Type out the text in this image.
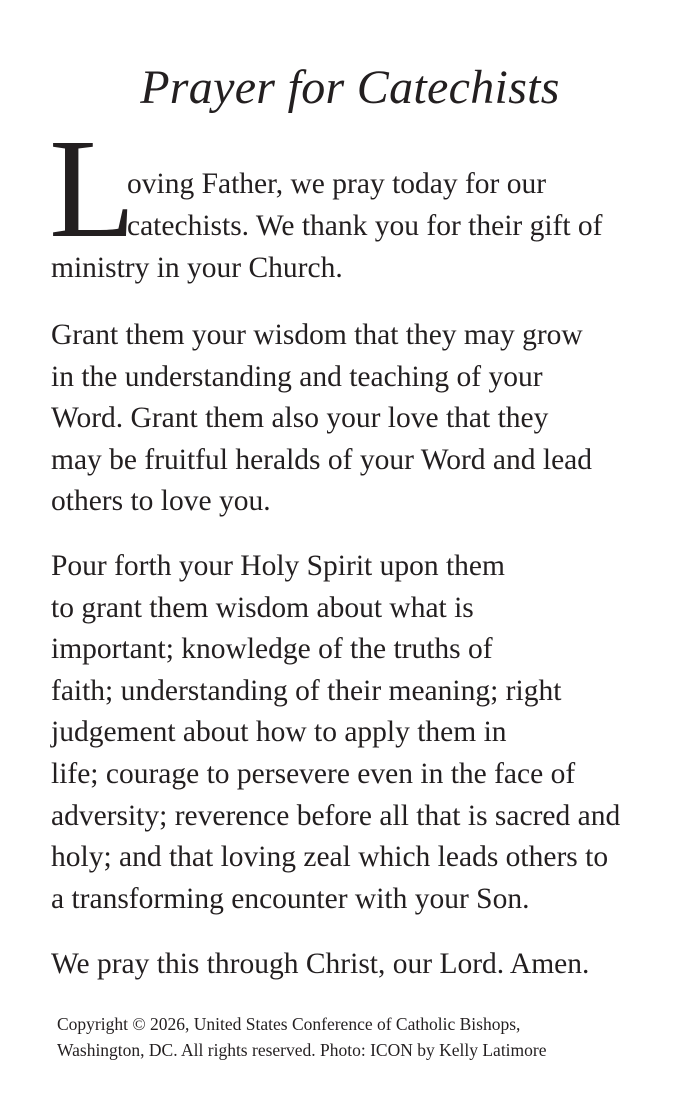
Prayer for Catechists
L

oving Father, we pray today for our

catechists. We thank you for their gift of

ministry in your Church.

Grant them your wisdom that they may grow
in the understanding and teaching of your
Word. Grant them also your love that they
may be fruitful heralds of your Word and lead
others to love you.

Pour forth your Holy Spirit upon them
to grant them wisdom about what is
important; knowledge of the truths of
faith; understanding of their meaning; right
judgement about how to apply them in
life; courage to persevere even in the face of
adversity; reverence before all that is sacred and
holy; and that loving zeal which leads others to
a transforming encounter with your Son.

We pray this through Christ, our Lord. Amen.

Copyright © 2026, United States Conference of Catholic Bishops,
Washington, DC. All rights reserved. Photo: ICON by Kelly Latimore
